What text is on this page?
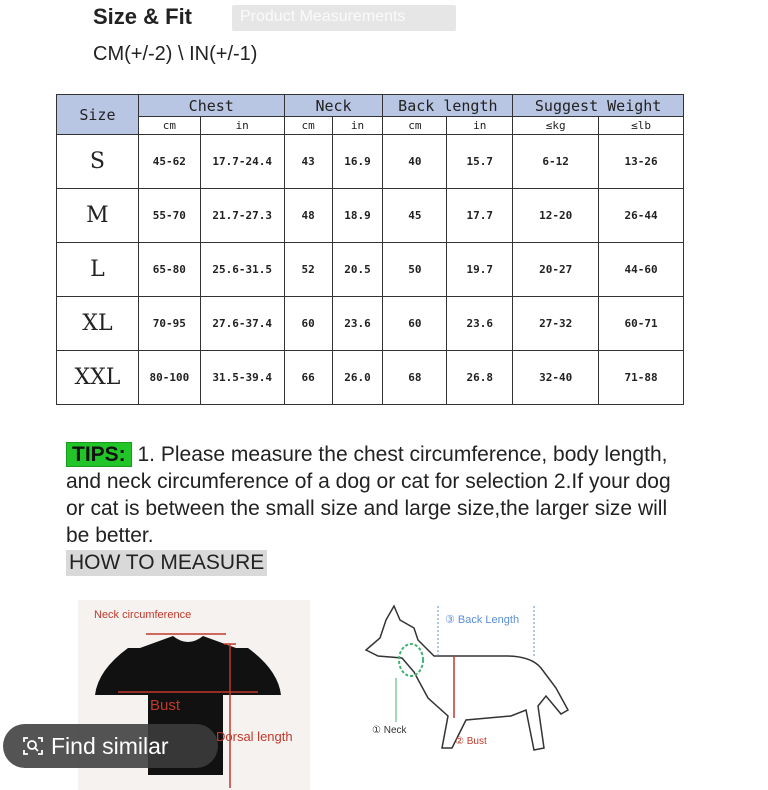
Size & Fit	Product Measurements
CM(+/-2) \ IN(+/-1)
Size	Chest		Neck		Back length		Suggest Weight	
	cm	in	cm	in	cm	in	≤kg	≤lb
S	45-62	17.7-24.4	43	16.9	40	15.7	6-12	13-26
M	55-70	21.7-27.3	48	18.9	45	17.7	12-20	26-44
L	65-80	25.6-31.5	52	20.5	50	19.7	20-27	44-60
XL	70-95	27.6-37.4	60	23.6	60	23.6	27-32	60-71
XXL	80-100	31.5-39.4	66	26.0	68	26.8	32-40	71-88
TIPS: 1. Please measure the chest circumference, body length, and neck circumference of a dog or cat for selection 2.If your dog or cat is between the small size and large size,the larger size will be better.
HOW TO MEASURE
Neck circumference
Bust
Dorsal length
③ Back Length
① Neck
② Bust
Find similar
